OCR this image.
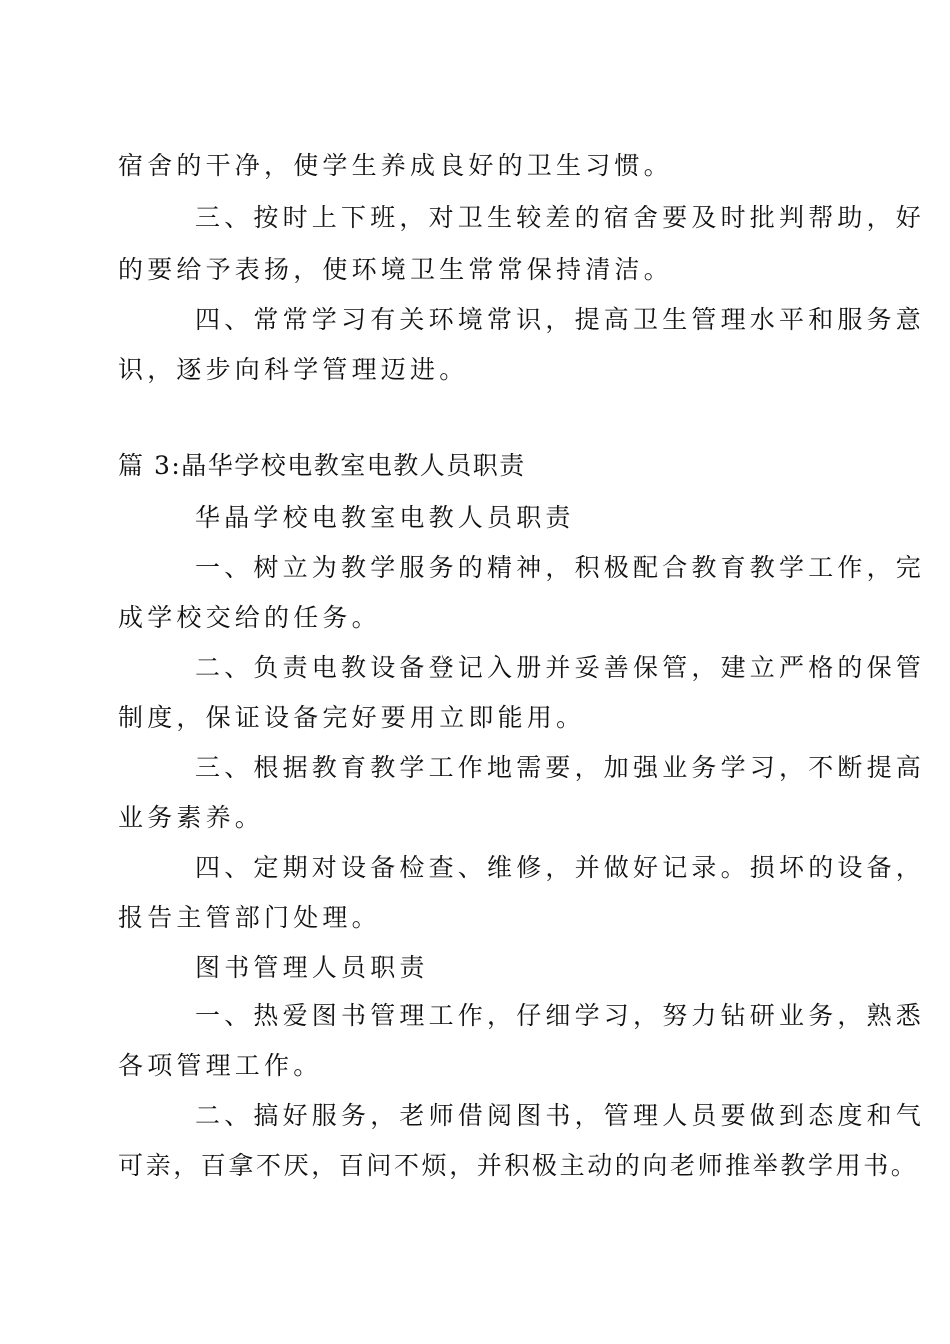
宿舍的干净，使学生养成良好的卫生习惯。
三、按时上下班，对卫生较差的宿舍要及时批判帮助，好
的要给予表扬，使环境卫生常常保持清洁。
四、常常学习有关环境常识，提高卫生管理水平和服务意
识，逐步向科学管理迈进。
篇 3:晶华学校电教室电教人员职责
华晶学校电教室电教人员职责
一、树立为教学服务的精神，积极配合教育教学工作，完
成学校交给的任务。
二、负责电教设备登记入册并妥善保管，建立严格的保管
制度，保证设备完好要用立即能用。
三、根据教育教学工作地需要，加强业务学习，不断提高
业务素养。
四、定期对设备检查、维修，并做好记录。损坏的设备，
报告主管部门处理。
图书管理人员职责
一、热爱图书管理工作，仔细学习，努力钻研业务，熟悉
各项管理工作。
二、搞好服务，老师借阅图书，管理人员要做到态度和气
可亲，百拿不厌，百问不烦，并积极主动的向老师推举教学用书。
